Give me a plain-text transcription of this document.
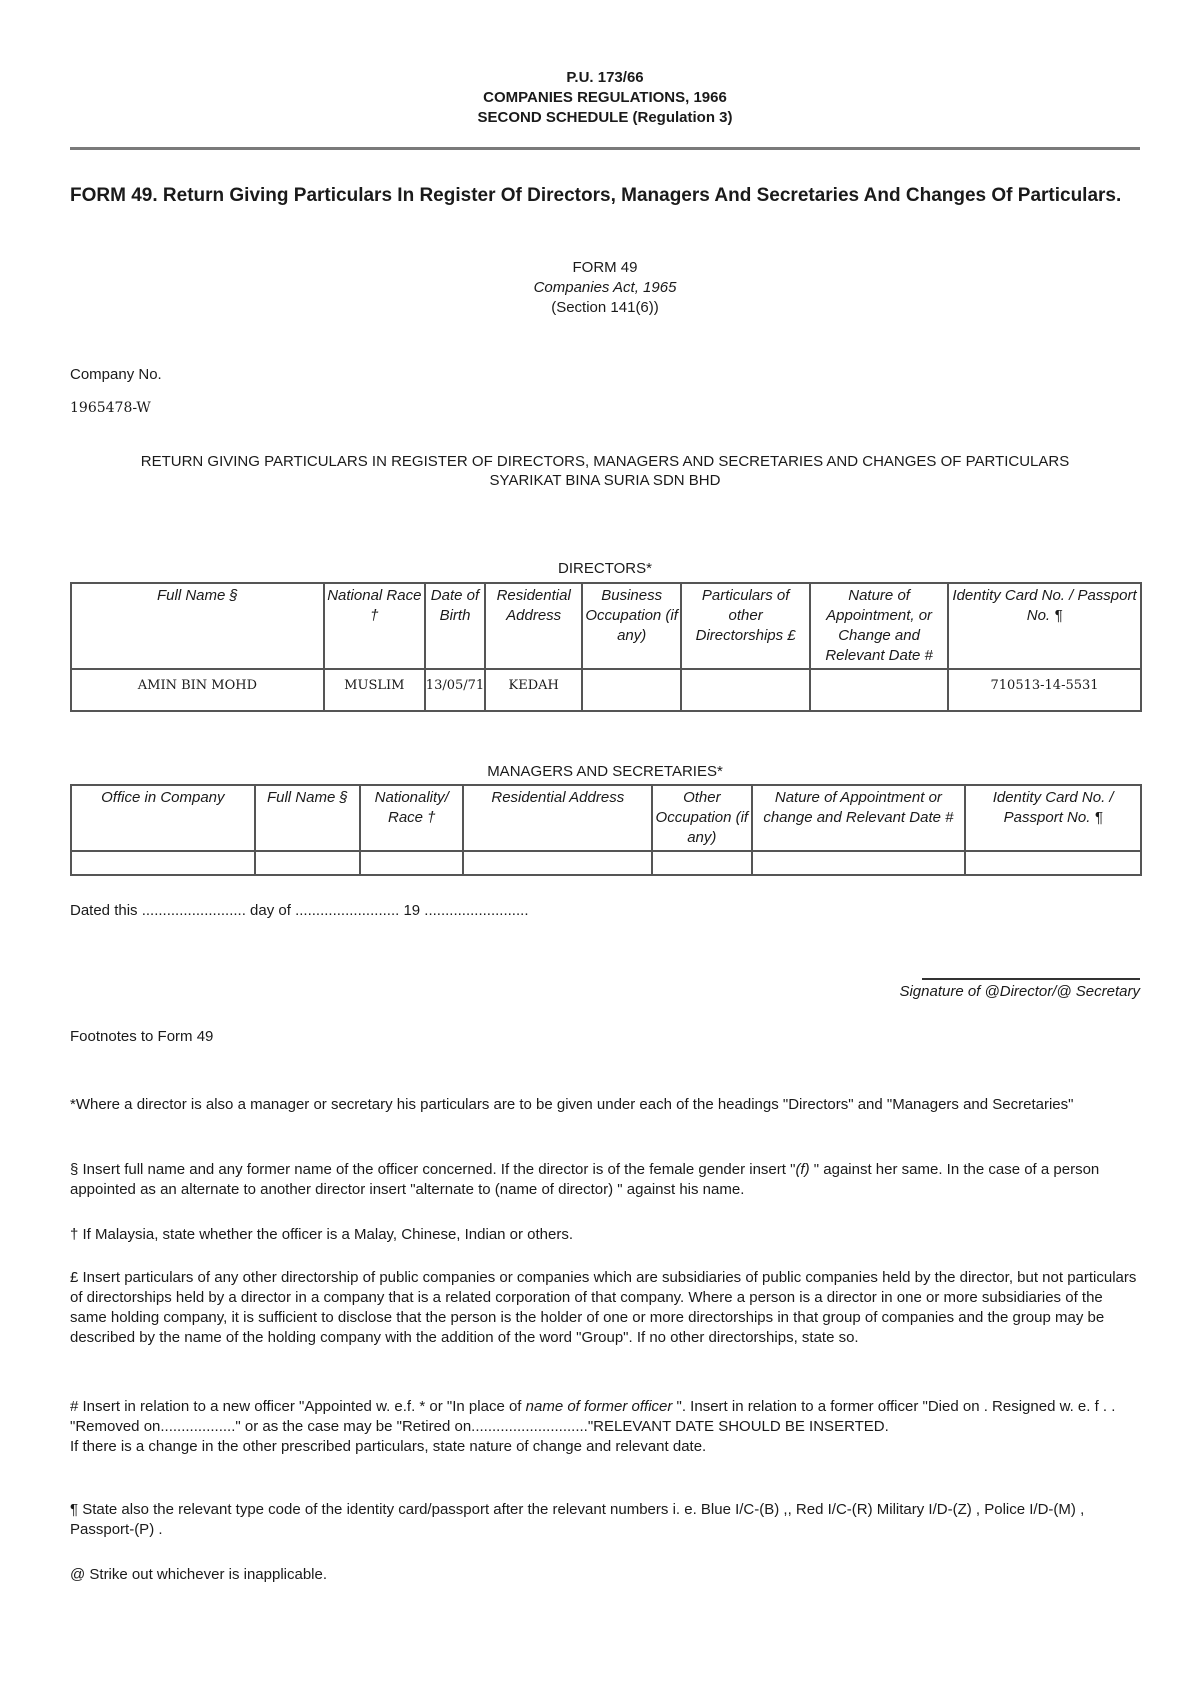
P.U. 173/66
COMPANIES REGULATIONS, 1966
SECOND SCHEDULE (Regulation 3)
FORM 49. Return Giving Particulars In Register Of Directors, Managers And Secretaries And Changes Of Particulars.
FORM 49
Companies Act, 1965
(Section 141(6))
Company No.
1965478-W
RETURN GIVING PARTICULARS IN REGISTER OF DIRECTORS, MANAGERS AND SECRETARIES AND CHANGES OF PARTICULARS
SYARIKAT BINA SURIA SDN BHD
DIRECTORS*
Full Name §	National Race †	Date of Birth	Residential Address	Business Occupation (if any)	Particulars of other Directorships £	Nature of Appointment, or Change and Relevant Date #	Identity Card No. / Passport No. ¶
AMIN BIN MOHD	MUSLIM	13/05/71	KEDAH				710513-14-5531
MANAGERS AND SECRETARIES*
Office in Company	Full Name §	Nationality/ Race †	Residential Address	Other Occupation (if any)	Nature of Appointment or change and Relevant Date #	Identity Card No. / Passport No. ¶

Dated this ......................... day of ......................... 19 .........................
Signature of @Director/@ Secretary
Footnotes to Form 49
*Where a director is also a manager or secretary his particulars are to be given under each of the headings "Directors" and "Managers and Secretaries"
§ Insert full name and any former name of the officer concerned. If the director is of the female gender insert "(f) " against her same. In the case of a person appointed as an alternate to another director insert "alternate to (name of director) " against his name.
† If Malaysia, state whether the officer is a Malay, Chinese, Indian or others.
£ Insert particulars of any other directorship of public companies or companies which are subsidiaries of public companies held by the director, but not particulars of directorships held by a director in a company that is a related corporation of that company. Where a person is a director in one or more subsidiaries of the same holding company, it is sufficient to disclose that the person is the holder of one or more directorships in that group of companies and the group may be described by the name of the holding company with the addition of the word "Group". If no other directorships, state so.
# Insert in relation to a new officer "Appointed w. e.f. * or "In place of name of former officer ". Insert in relation to a former officer "Died on . Resigned w. e. f . . "Removed on.................." or as the case may be "Retired on............................"RELEVANT DATE SHOULD BE INSERTED.
If there is a change in the other prescribed particulars, state nature of change and relevant date.
¶ State also the relevant type code of the identity card/passport after the relevant numbers i. e. Blue I/C-(B) ,, Red I/C-(R) Military I/D-(Z) , Police I/D-(M) , Passport-(P) .
@ Strike out whichever is inapplicable.
